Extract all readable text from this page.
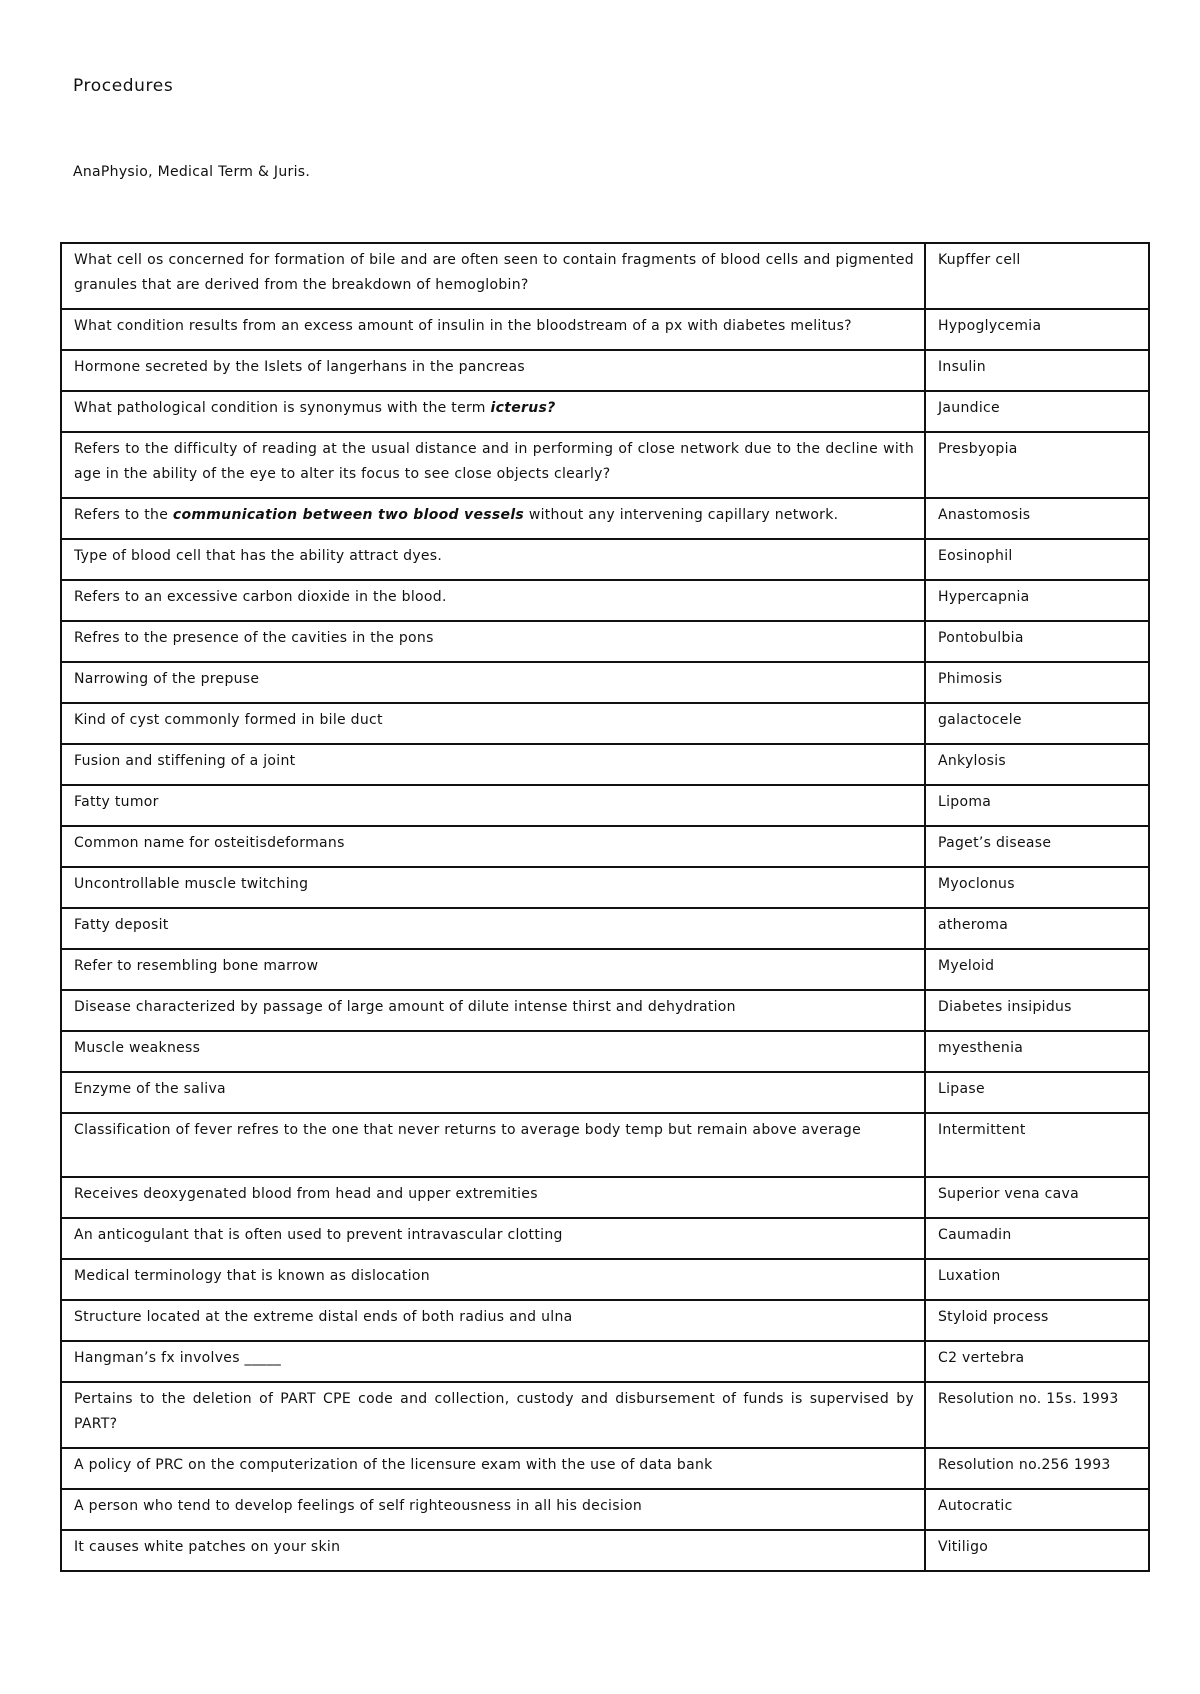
Procedures
AnaPhysio, Medical Term & Juris.
What cell os concerned for formation of bile and are often seen to contain fragments of blood cells and pigmented granules that are derived from the breakdown of hemoglobin?	Kupffer cell
What condition results from an excess amount of insulin in the bloodstream of a px with diabetes melitus?	Hypoglycemia
Hormone secreted by the Islets of langerhans in the pancreas	Insulin
What pathological condition is synonymus with the term icterus?	Jaundice
Refers to the difficulty of reading at the usual distance and in performing of close network due to the decline with age in the ability of the eye to alter its focus to see close objects clearly?	Presbyopia
Refers to the communication between two blood vessels without any intervening capillary network.	Anastomosis
Type of blood cell that has the ability attract dyes.	Eosinophil
Refers to an excessive carbon dioxide in the blood.	Hypercapnia
Refres to the presence of the cavities in the pons	Pontobulbia
Narrowing of the prepuse	Phimosis
Kind of cyst commonly formed in bile duct	galactocele
Fusion and stiffening of a joint	Ankylosis
Fatty tumor	Lipoma
Common name for osteitisdeformans	Paget’s disease
Uncontrollable muscle twitching	Myoclonus
Fatty deposit	atheroma
Refer to resembling bone marrow	Myeloid
Disease characterized by passage of large amount of dilute intense thirst and dehydration	Diabetes insipidus
Muscle weakness	myesthenia
Enzyme of the saliva	Lipase
Classification of fever refres to the one that never returns to average body temp but remain above average	Intermittent
Receives deoxygenated blood from head and upper extremities	Superior vena cava
An anticogulant that is often used to prevent intravascular clotting	Caumadin
Medical terminology that is known as dislocation	Luxation
Structure located at the extreme distal ends of both radius and ulna	Styloid process
Hangman’s fx involves _____	C2 vertebra
Pertains to the deletion of PART CPE code and collection, custody and disbursement of funds is supervised by PART?	Resolution no. 15s. 1993
A policy of PRC on the computerization of the licensure exam with the use of data bank	Resolution no.256 1993
A person who tend to develop feelings of self righteousness in all his decision	Autocratic
It causes white patches on your skin	Vitiligo
